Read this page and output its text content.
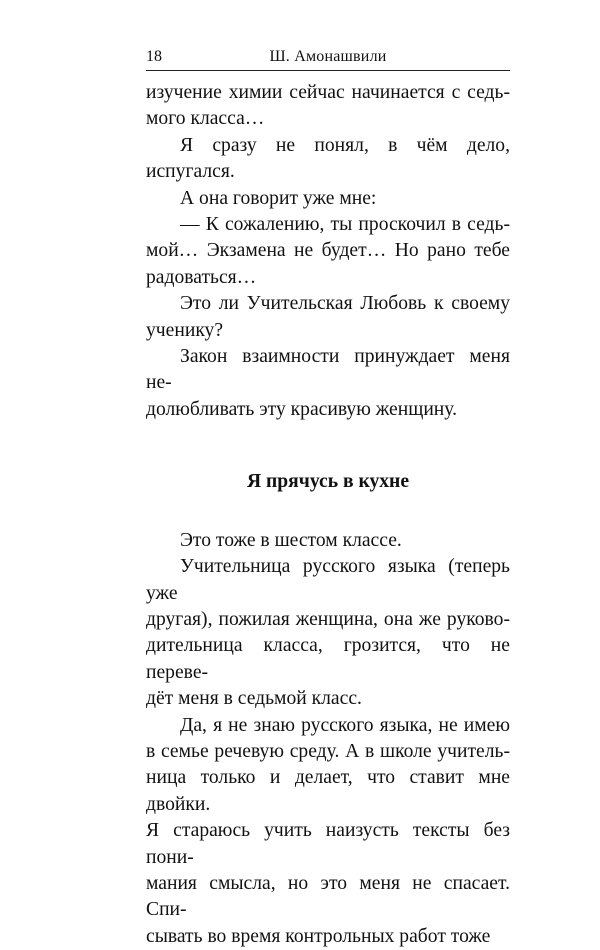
18	Ш. Амонашвили

изучение химии сейчас начинается с седь-
мого класса…

Я сразу не понял, в чём дело, испугался.

А она говорит уже мне:

— К сожалению, ты проскочил в седь-
мой… Экзамена не будет… Но рано тебе
радоваться…

Это ли Учительская Любовь к своему
ученику?

Закон взаимности принуждает меня не-
долюбливать эту красивую женщину.

Я прячусь в кухне

Это тоже в шестом классе.

Учительница русского языка (теперь уже
другая), пожилая женщина, она же руково-
дительница класса, грозится, что не переве-
дёт меня в седьмой класс.

Да, я не знаю русского языка, не имею
в семье речевую среду. А в школе учитель-
ница только и делает, что ставит мне двойки.
Я стараюсь учить наизусть тексты без пони-
мания смысла, но это меня не спасает. Спи-
сывать во время контрольных работ тоже
